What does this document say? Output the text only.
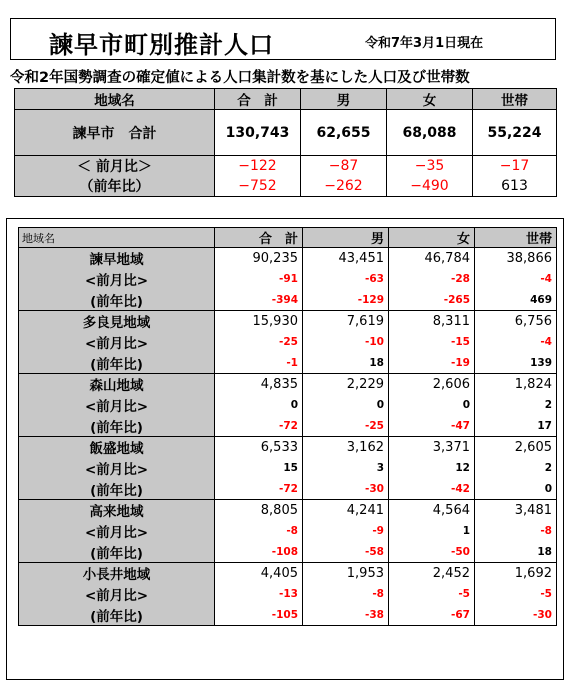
諫早市町別推計人口	令和7年3月1日現在
令和2年国勢調査の確定値による人口集計数を基にした人口及び世帯数
地域名	合　計	男	女	世帯
諫早市　合計	130,743	62,655	68,088	55,224
＜ 前月比＞	−122	−87	−35	−17
（前年比）	−752	−262	−490	613
地域名	合　計	男	女	世帯
諫早地域	90,235	43,451	46,784	38,866
<前月比>	-91	-63	-28	-4
(前年比)	-394	-129	-265	469
多良見地域	15,930	7,619	8,311	6,756
<前月比>	-25	-10	-15	-4
(前年比)	-1	18	-19	139
森山地域	4,835	2,229	2,606	1,824
<前月比>	0	0	0	2
(前年比)	-72	-25	-47	17
飯盛地域	6,533	3,162	3,371	2,605
<前月比>	15	3	12	2
(前年比)	-72	-30	-42	0
高来地域	8,805	4,241	4,564	3,481
<前月比>	-8	-9	1	-8
(前年比)	-108	-58	-50	18
小長井地域	4,405	1,953	2,452	1,692
<前月比>	-13	-8	-5	-5
(前年比)	-105	-38	-67	-30
